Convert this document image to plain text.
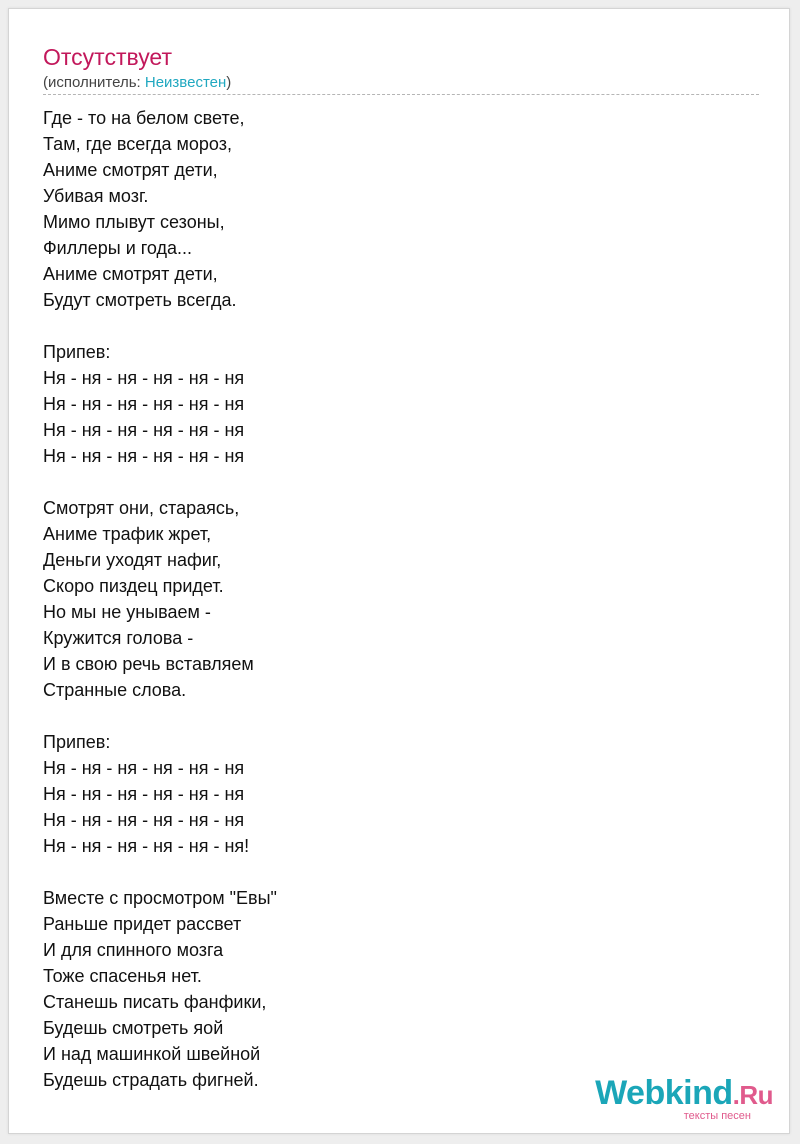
Отсутствует
(исполнитель: Неизвестен)
Где - то на белом свете,
Там, где всегда мороз,
Аниме смотрят дети,
Убивая мозг.
Мимо плывут сезоны,
Филлеры и года...
Аниме смотрят дети,
Будут смотреть всегда.
Припев:
Ня - ня - ня - ня - ня - ня
Ня - ня - ня - ня - ня - ня
Ня - ня - ня - ня - ня - ня
Ня - ня - ня - ня - ня - ня
Смотрят они, стараясь,
Аниме трафик жрет,
Деньги уходят нафиг,
Скоро пиздец придет.
Но мы не унываем -
Кружится голова -
И в свою речь вставляем
Странные слова.
Припев:
Ня - ня - ня - ня - ня - ня
Ня - ня - ня - ня - ня - ня
Ня - ня - ня - ня - ня - ня
Ня - ня - ня - ня - ня - ня!
Вместе с просмотром "Евы"
Раньше придет рассвет
И для спинного мозга
Тоже спасенья нет.
Станешь писать фанфики,
Будешь смотреть яой
И над машинкой швейной
Будешь страдать фигней.	Webkind.Ru
тексты песен
